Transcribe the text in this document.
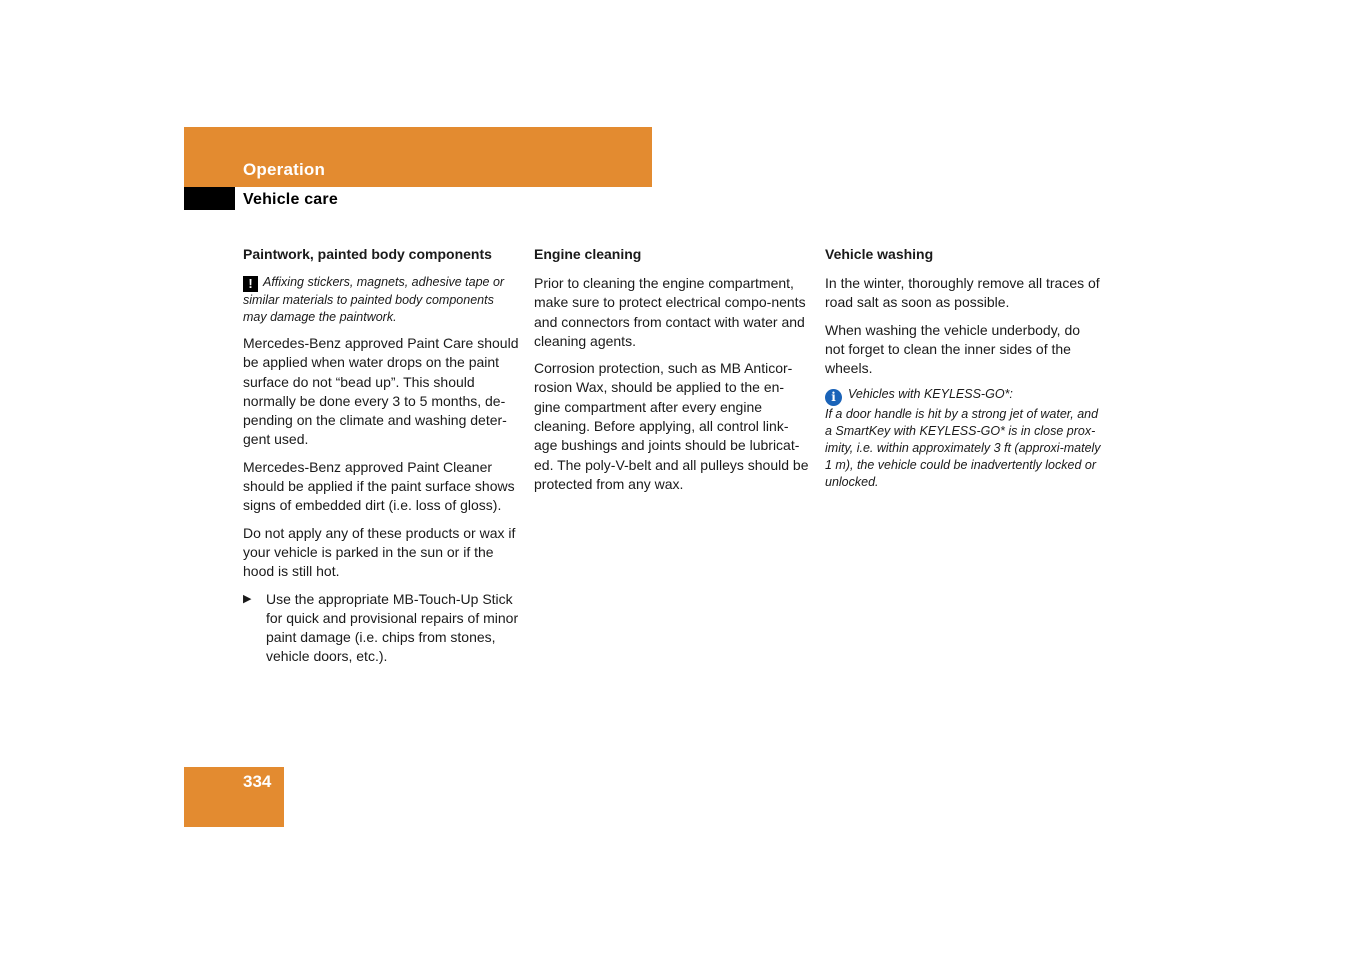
Operation
Vehicle care
Paintwork, painted body components

! Affixing stickers, magnets, adhesive tape or similar materials to painted body components may damage the paintwork.

Mercedes-Benz approved Paint Care should be applied when water drops on the paint surface do not “bead up”. This should normally be done every 3 to 5 months, de-pending on the climate and washing deter-gent used.

Mercedes-Benz approved Paint Cleaner should be applied if the paint surface shows signs of embedded dirt (i.e. loss of gloss).

Do not apply any of these products or wax if your vehicle is parked in the sun or if the hood is still hot.

▶ Use the appropriate MB-Touch-Up Stick for quick and provisional repairs of minor paint damage (i.e. chips from stones, vehicle doors, etc.).

Engine cleaning

Prior to cleaning the engine compartment, make sure to protect electrical compo-nents and connectors from contact with water and cleaning agents.

Corrosion protection, such as MB Anticor-rosion Wax, should be applied to the en-gine compartment after every engine cleaning. Before applying, all control link-age bushings and joints should be lubricat-ed. The poly-V-belt and all pulleys should be protected from any wax.

Vehicle washing

In the winter, thoroughly remove all traces of road salt as soon as possible.

When washing the vehicle underbody, do not forget to clean the inner sides of the wheels.

i Vehicles with KEYLESS-GO*:
If a door handle is hit by a strong jet of water, and a SmartKey with KEYLESS-GO* is in close prox-imity, i.e. within approximately 3 ft (approxi-mately 1 m), the vehicle could be inadvertently locked or unlocked.
334
